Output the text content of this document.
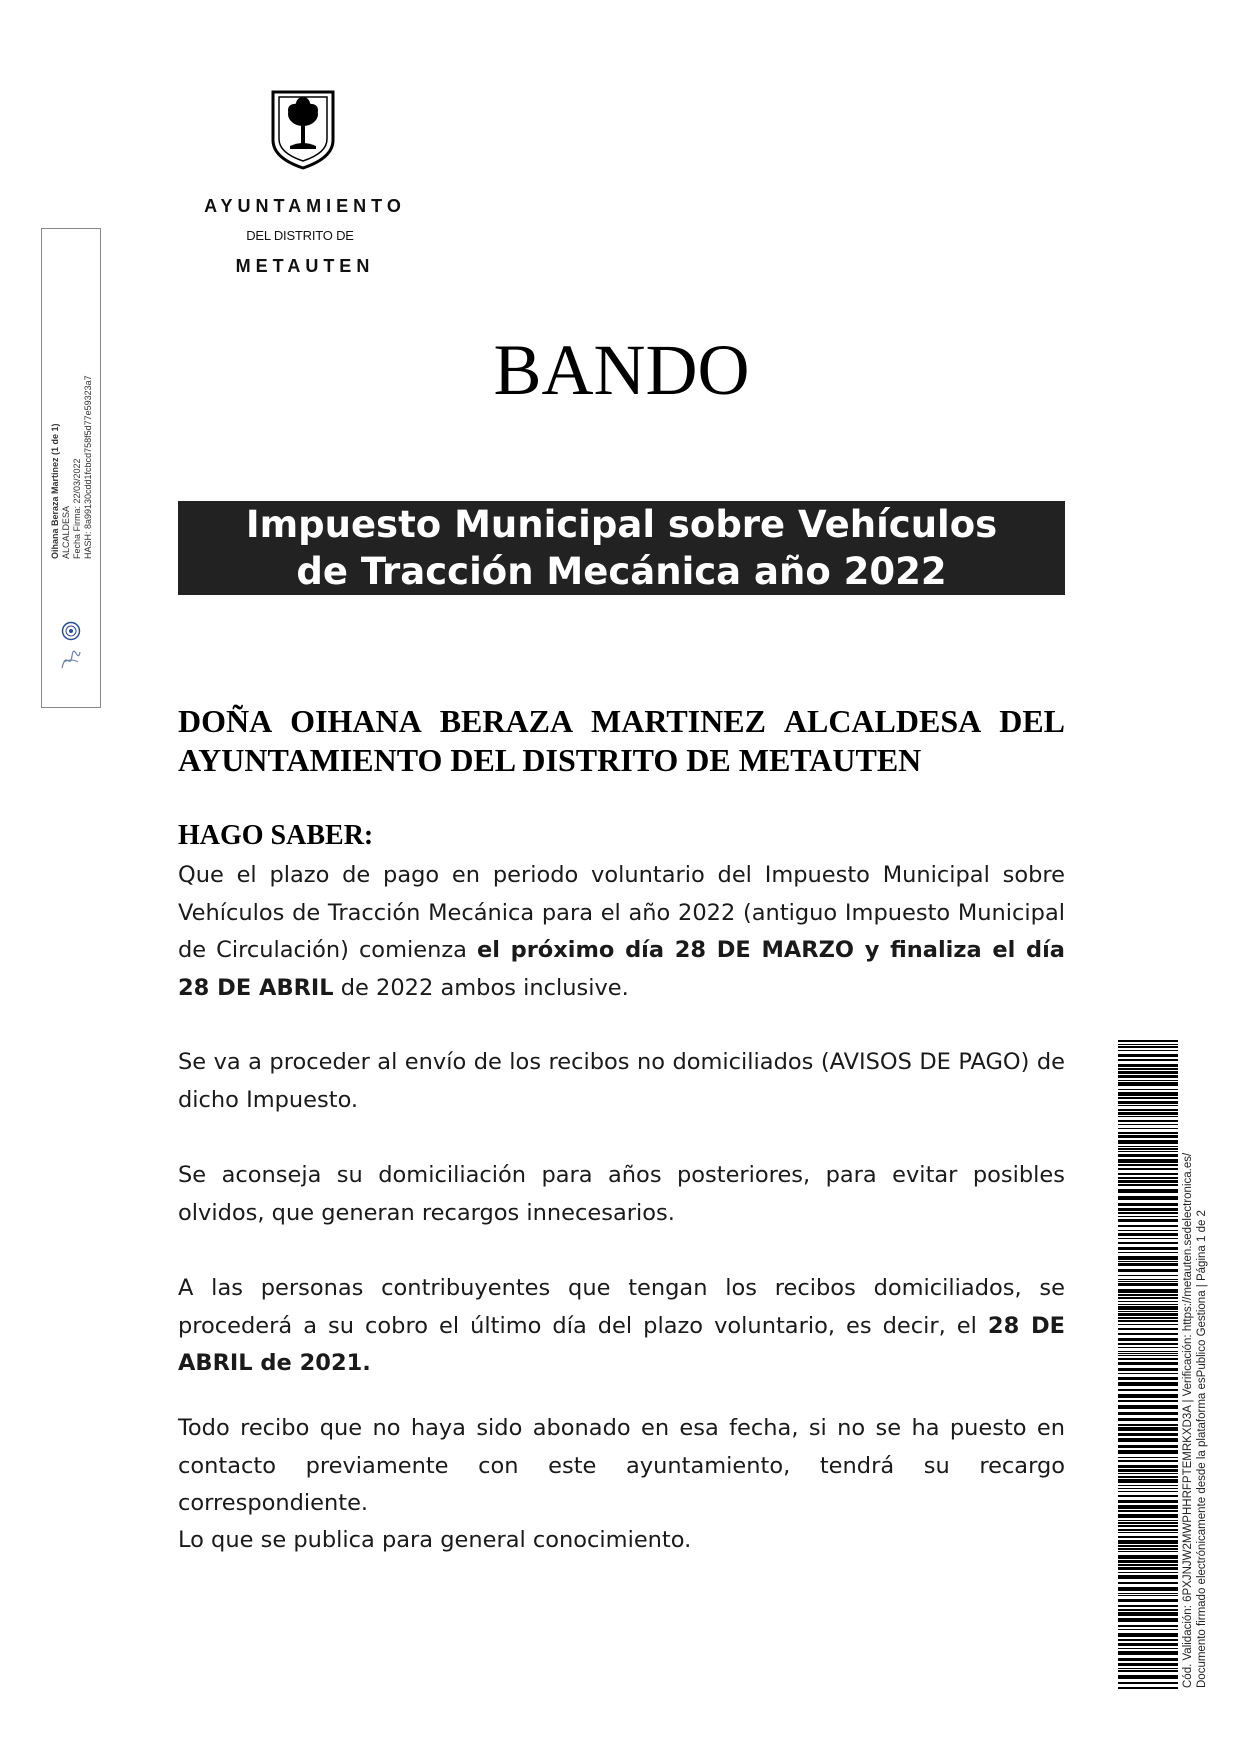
AYUNTAMIENTO
DEL DISTRITO DE
METAUTEN
BANDO
Impuesto Municipal sobre Vehículos
de Tracción Mecánica año 2022
DOÑA OIHANA BERAZA MARTINEZ ALCALDESA DEL AYUNTAMIENTO DEL DISTRITO DE METAUTEN
HAGO SABER:
Que el plazo de pago en periodo voluntario del Impuesto Municipal sobre Vehículos de Tracción Mecánica para el año 2022 (antiguo Impuesto Municipal de Circulación) comienza el próximo día 28 DE MARZO y finaliza el día 28 DE ABRIL de 2022 ambos inclusive.
Se va a proceder al envío de los recibos no domiciliados (AVISOS DE PAGO) de dicho Impuesto.
Se aconseja su domiciliación para años posteriores, para evitar posibles olvidos, que generan recargos innecesarios.
A las personas contribuyentes que tengan los recibos domiciliados, se procederá a su cobro el último día del plazo voluntario, es decir, el 28 DE ABRIL de 2021.
Todo recibo que no haya sido abonado en esa fecha, si no se ha puesto en contacto previamente con este ayuntamiento, tendrá su recargo correspondiente.
Lo que se publica para general conocimiento.
Oihana Beraza Martinez (1 de 1) ALCALDESA Fecha Firma: 22/03/2022 HASH: 8a99130cdd1fcbcd758f5d77e59323a7
Cód. Validación: 6PXJNJW2MWPHHRFPTEMRKXD3A | Verificación: https://metauten.sedelectronica.es/ Documento firmado electrónicamente desde la plataforma esPublico Gestiona | Página 1 de 2
